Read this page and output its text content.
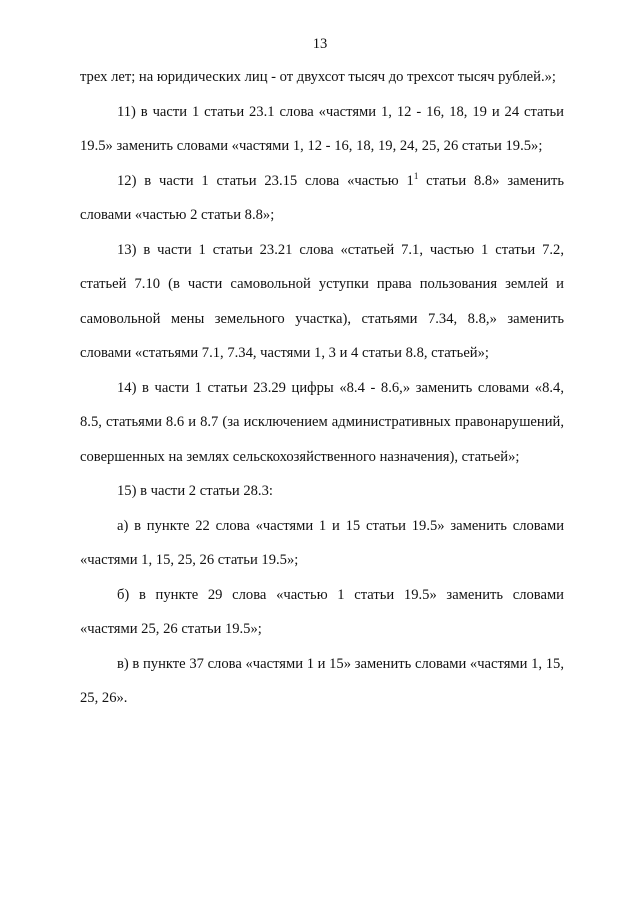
13

трех лет; на юридических лиц - от двухсот тысяч до трехсот тысяч рублей.»;

11) в части 1 статьи 23.1 слова «частями 1, 12 - 16, 18, 19 и 24 статьи 19.5» заменить словами «частями 1, 12 - 16, 18, 19, 24, 25, 26 статьи 19.5»;

12) в части 1 статьи 23.15 слова «частью $1^1$ статьи 8.8» заменить словами «частью 2 статьи 8.8»;

13) в части 1 статьи 23.21 слова «статьей 7.1, частью 1 статьи 7.2, статьей 7.10 (в части самовольной уступки права пользования землей и самовольной мены земельного участка), статьями 7.34, 8.8,» заменить словами «статьями 7.1, 7.34, частями 1, 3 и 4 статьи 8.8, статьей»;

14) в части 1 статьи 23.29 цифры «8.4 - 8.6,» заменить словами «8.4, 8.5, статьями 8.6 и 8.7 (за исключением административных правонарушений, совершенных на землях сельскохозяйственного назначения), статьей»;

15) в части 2 статьи 28.3:

а) в пункте 22 слова «частями 1 и 15 статьи 19.5» заменить словами «частями 1, 15, 25, 26 статьи 19.5»;

б) в пункте 29 слова «частью 1 статьи 19.5» заменить словами «частями 25, 26 статьи 19.5»;

в) в пункте 37 слова «частями 1 и 15» заменить словами «частями 1, 15, 25, 26».
